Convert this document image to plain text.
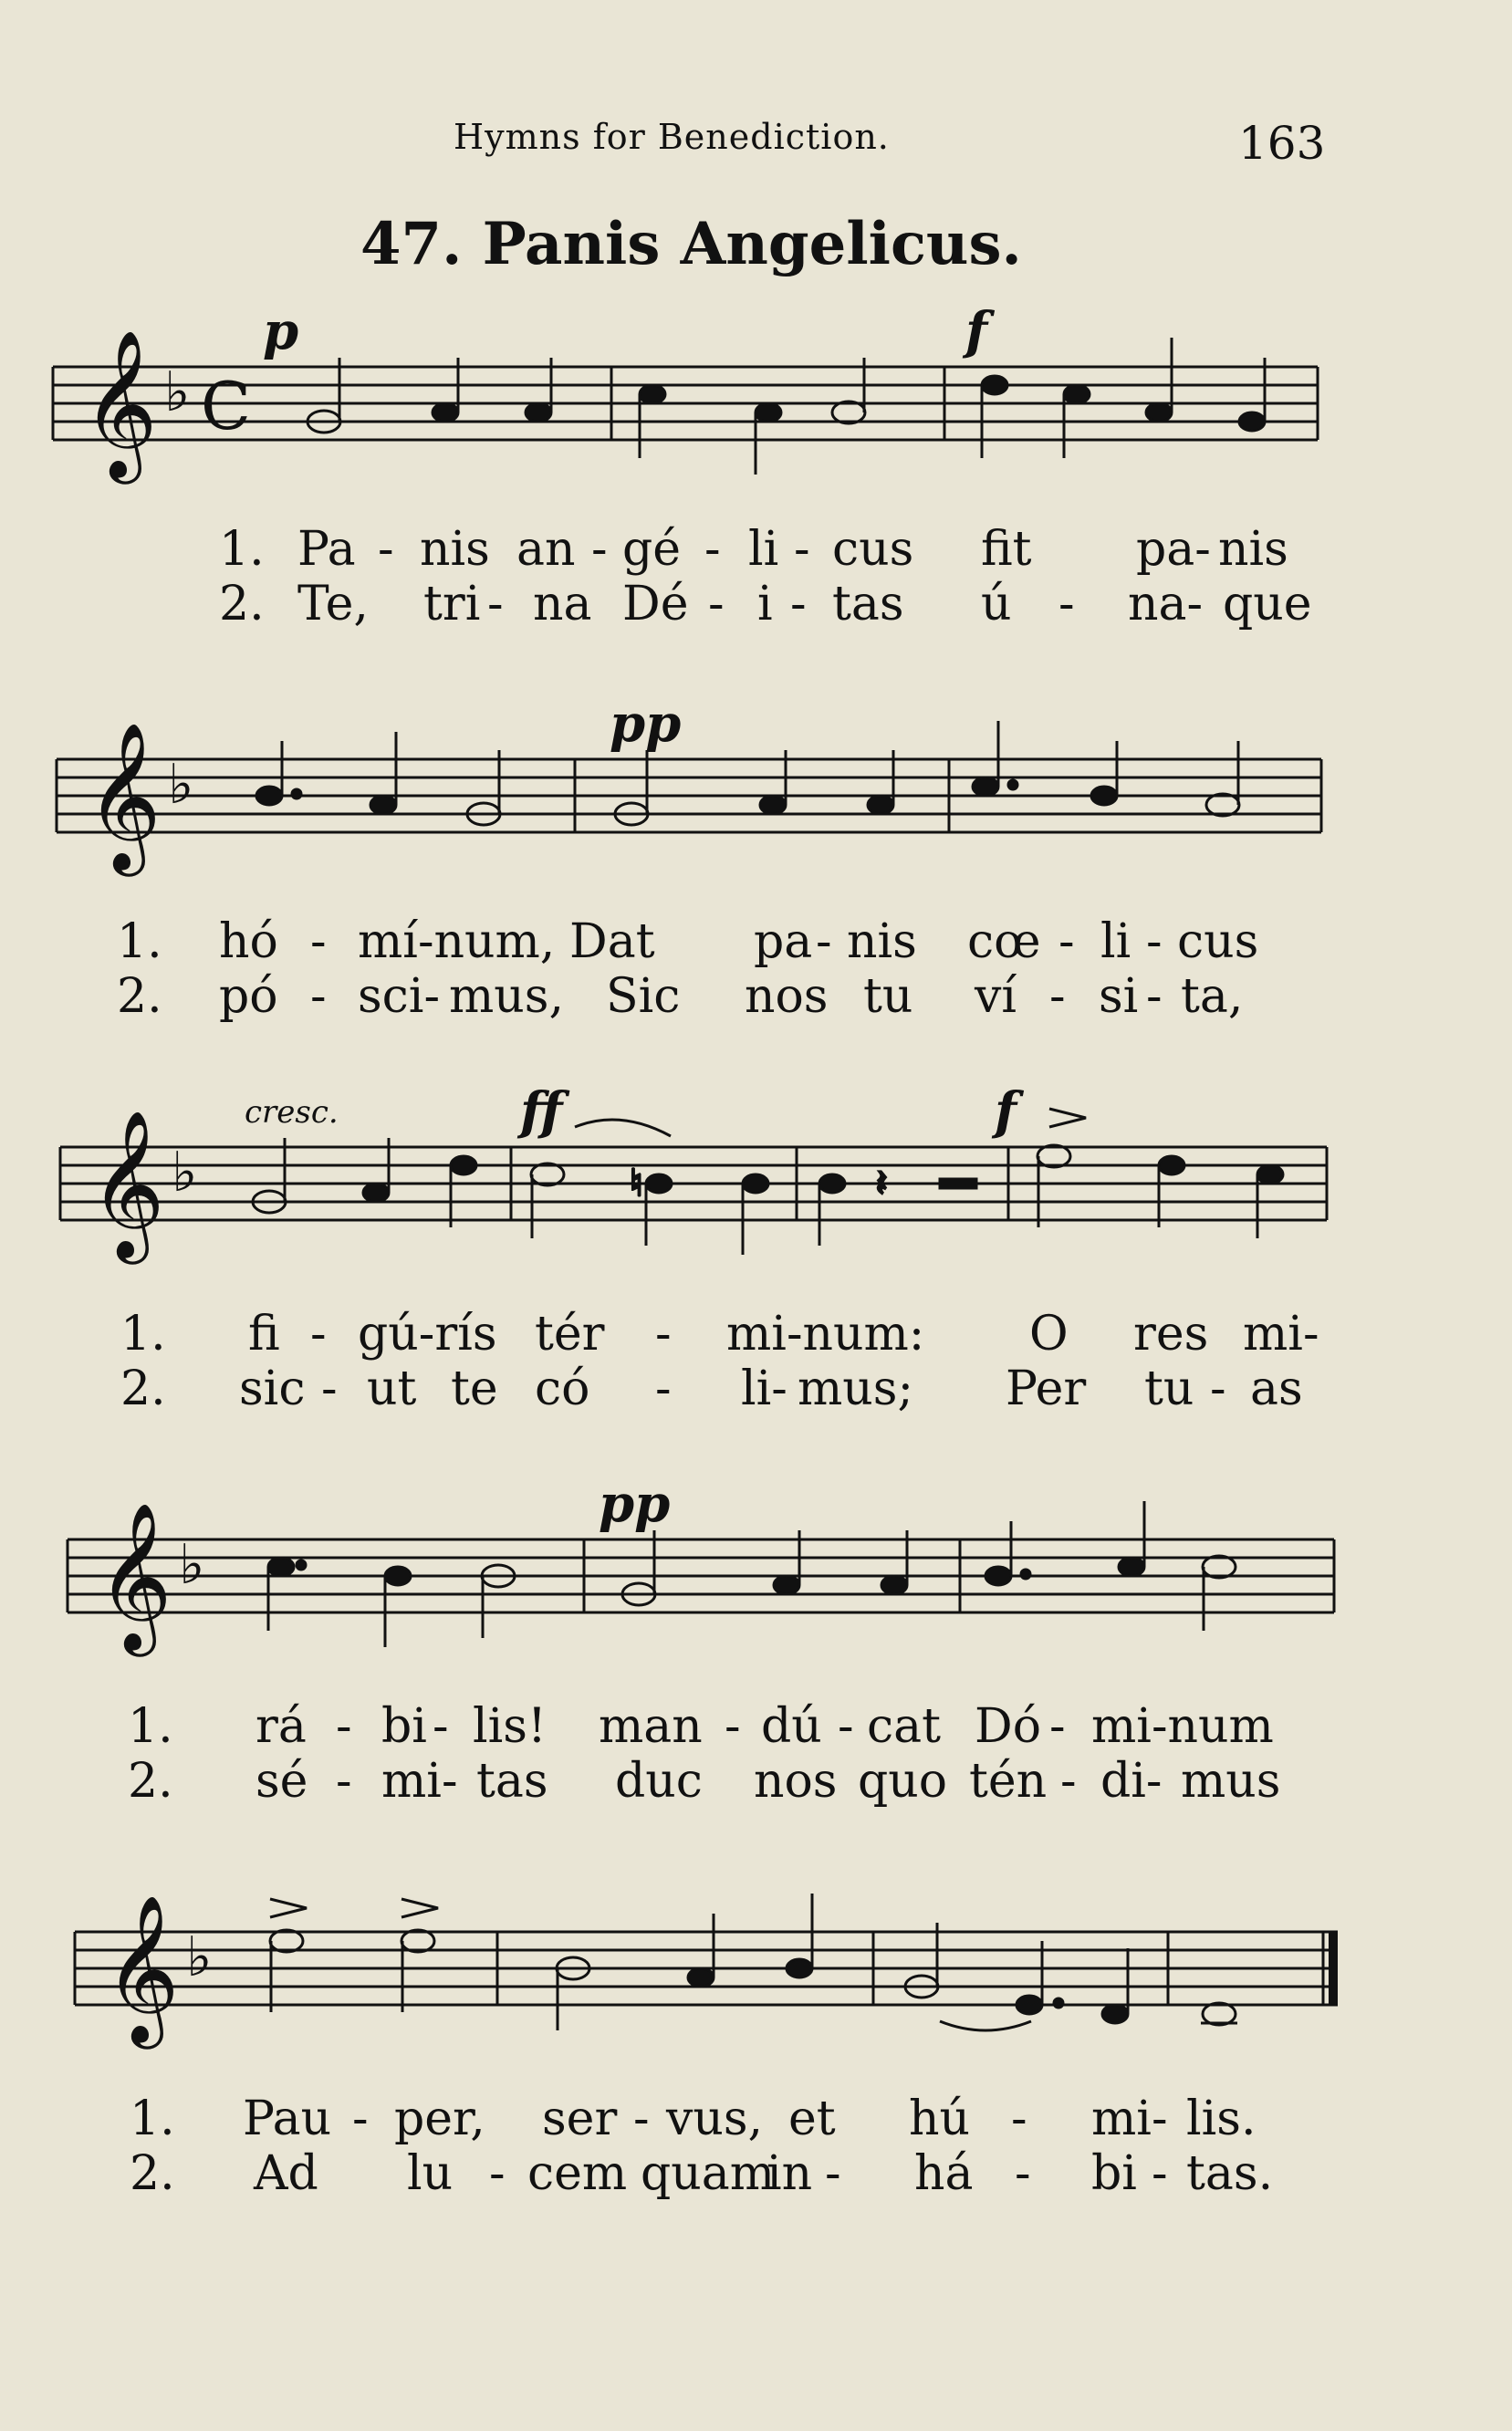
Hymns for Benediction.	163
47. Panis Angelicus.
p	f
𝄞 ♭ C
1. Pa - nis an - gé - li - cus fit pa- nis
2. Te, tri - na Dé - i - tas ú - na- que
pp
𝄞 ♭
1. hó - mí-num, Dat pa - nis cœ - li - cus
2. pó - sci- mus, Sic nos tu ví - si - ta,
cresc.	ff	f
𝄞 ♭	♮	𝄽
1. fi - gú-rís tér - mi-num: O res mi-
2. sic - ut te có - li- mus; Per tu - as
pp
𝄞 ♭
1. rá - bi - lis! man - dú - cat Dó - mi-num
2. sé - mi- tas duc nos quo tén - di- mus
𝄞 ♭
1. Pau - per, ser - vus, et hú - mi - lis.
2. Ad lu - cem quam
in - há - bi - tas.
